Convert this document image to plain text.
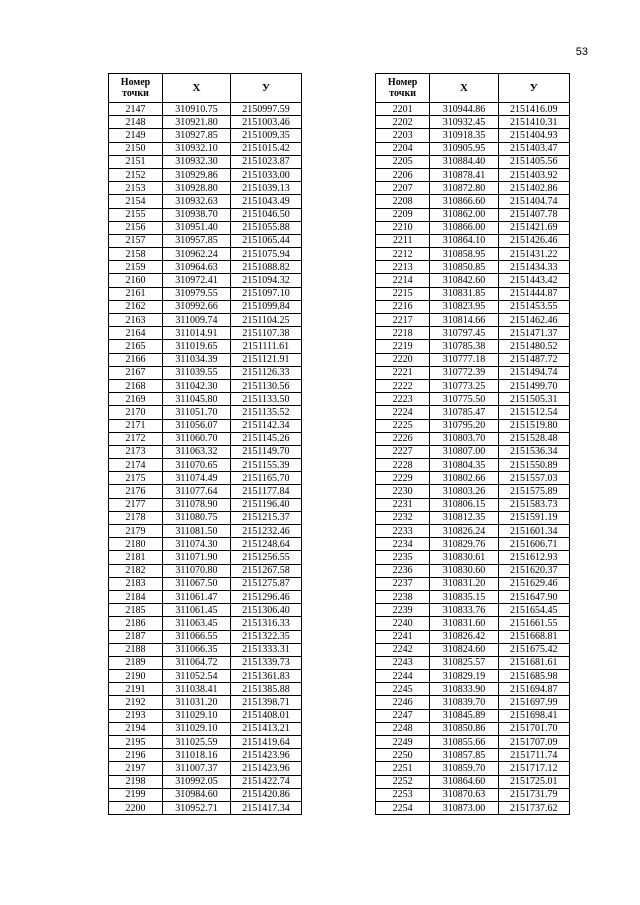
53
Номер
точки	Х	У
2147	310910.75	2150997.59
2148	310921.80	2151003.46
2149	310927.85	2151009.35
2150	310932.10	2151015.42
2151	310932.30	2151023.87
2152	310929.86	2151033.00
2153	310928.80	2151039.13
2154	310932.63	2151043.49
2155	310938.70	2151046.50
2156	310951.40	2151055.88
2157	310957.85	2151065.44
2158	310962.24	2151075.94
2159	310964.63	2151088.82
2160	310972.41	2151094.32
2161	310979.55	2151097.10
2162	310992.66	2151099.84
2163	311009.74	2151104.25
2164	311014.91	2151107.38
2165	311019.65	2151111.61
2166	311034.39	2151121.91
2167	311039.55	2151126.33
2168	311042.30	2151130.56
2169	311045.80	2151133.50
2170	311051.70	2151135.52
2171	311056.07	2151142.34
2172	311060.70	2151145.26
2173	311063.32	2151149.70
2174	311070.65	2151155.39
2175	311074.49	2151165.70
2176	311077.64	2151177.84
2177	311078.90	2151196.40
2178	311080.75	2151215.37
2179	311081.50	2151232.46
2180	311074.30	2151248.64
2181	311071.90	2151256.55
2182	311070.80	2151267.58
2183	311067.50	2151275.87
2184	311061.47	2151296.46
2185	311061.45	2151306.40
2186	311063.45	2151316.33
2187	311066.55	2151322.35
2188	311066.35	2151333.31
2189	311064.72	2151339.73
2190	311052.54	2151361.83
2191	311038.41	2151385.88
2192	311031.20	2151398.71
2193	311029.10	2151408.01
2194	311029.10	2151413.21
2195	311025.59	2151419.64
2196	311018.16	2151423.96
2197	311007.37	2151423.96
2198	310992.05	2151422.74
2199	310984.60	2151420.86
2200	310952.71	2151417.34
Номер
точки	Х	У
2201	310944.86	2151416.09
2202	310932.45	2151410.31
2203	310918.35	2151404.93
2204	310905.95	2151403.47
2205	310884.40	2151405.56
2206	310878.41	2151403.92
2207	310872.80	2151402.86
2208	310866.60	2151404.74
2209	310862.00	2151407.78
2210	310866.00	2151421.69
2211	310864.10	2151426.46
2212	310858.95	2151431.22
2213	310850.85	2151434.33
2214	310842.60	2151443.42
2215	310831.85	2151444.87
2216	310823.95	2151453.55
2217	310814.66	2151462.46
2218	310797.45	2151471.37
2219	310785.38	2151480.52
2220	310777.18	2151487.72
2221	310772.39	2151494.74
2222	310773.25	2151499.70
2223	310775.50	2151505.31
2224	310785.47	2151512.54
2225	310795.20	2151519.80
2226	310803.70	2151528.48
2227	310807.00	2151536.34
2228	310804.35	2151550.89
2229	310802.66	2151557.03
2230	310803.26	2151575.89
2231	310806.15	2151583.73
2232	310812.35	2151591.19
2233	310826.24	2151601.34
2234	310829.76	2151606.71
2235	310830.61	2151612.93
2236	310830.60	2151620.37
2237	310831.20	2151629.46
2238	310835.15	2151647.90
2239	310833.76	2151654.45
2240	310831.60	2151661.55
2241	310826.42	2151668.81
2242	310824.60	2151675.42
2243	310825.57	2151681.61
2244	310829.19	2151685.98
2245	310833.90	2151694.87
2246	310839.70	2151697.99
2247	310845.89	2151698.41
2248	310850.86	2151701.70
2249	310855.66	2151707.09
2250	310857.85	2151711.74
2251	310859.70	2151717.12
2252	310864.60	2151725.01
2253	310870.63	2151731.79
2254	310873.00	2151737.62
